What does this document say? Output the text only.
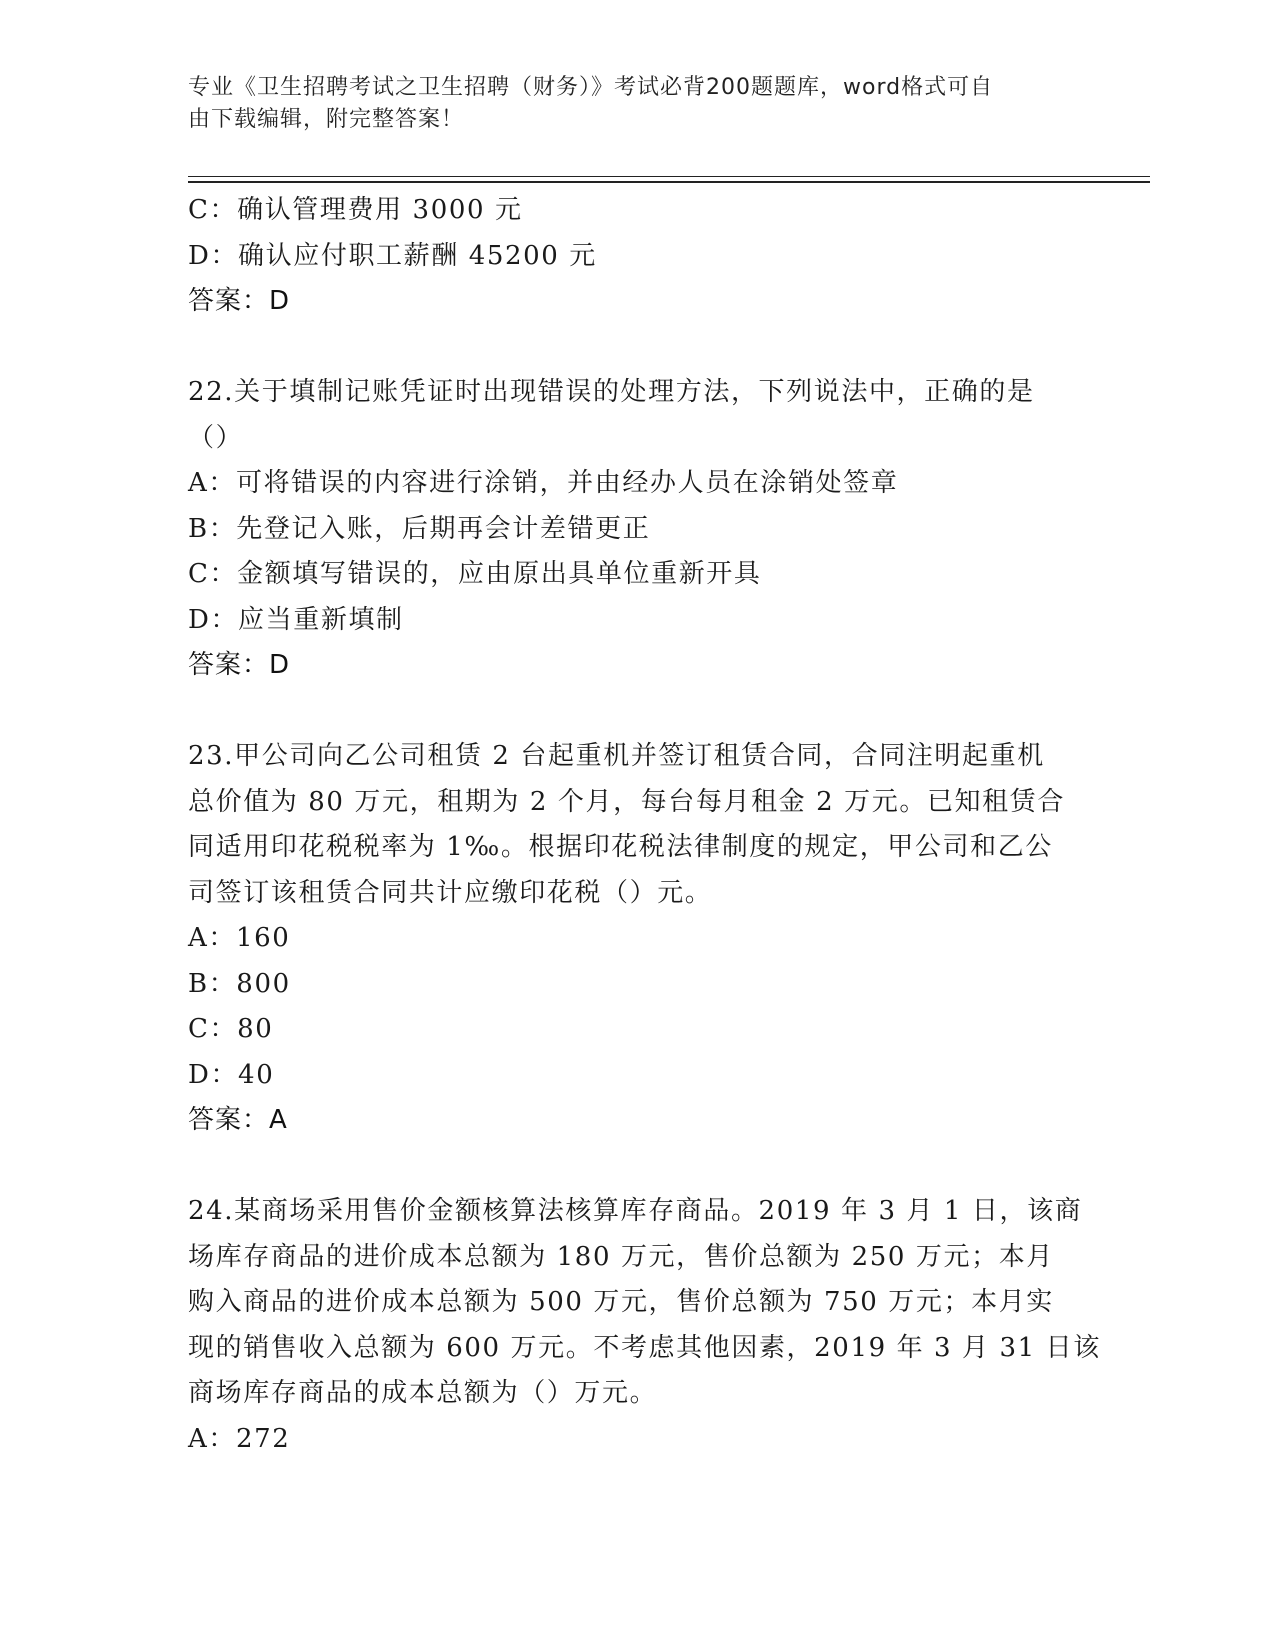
专业《卫生招聘考试之卫生招聘（财务）》考试必背200题题库，word格式可自
由下载编辑，附完整答案！
C：确认管理费用 3000 元
D：确认应付职工薪酬 45200 元
答案：D
22.关于填制记账凭证时出现错误的处理方法，下列说法中，正确的是
（）
A：可将错误的内容进行涂销，并由经办人员在涂销处签章
B：先登记入账，后期再会计差错更正
C：金额填写错误的，应由原出具单位重新开具
D：应当重新填制
答案：D
23.甲公司向乙公司租赁 2 台起重机并签订租赁合同，合同注明起重机
总价值为 80 万元，租期为 2 个月，每台每月租金 2 万元。已知租赁合
同适用印花税税率为 1‰。根据印花税法律制度的规定，甲公司和乙公
司签订该租赁合同共计应缴印花税（）元。
A：160
B：800
C：80
D：40
答案：A
24.某商场采用售价金额核算法核算库存商品。2019 年 3 月 1 日，该商
场库存商品的进价成本总额为 180 万元，售价总额为 250 万元；本月
购入商品的进价成本总额为 500 万元，售价总额为 750 万元；本月实
现的销售收入总额为 600 万元。不考虑其他因素，2019 年 3 月 31 日该
商场库存商品的成本总额为（）万元。
A：272
